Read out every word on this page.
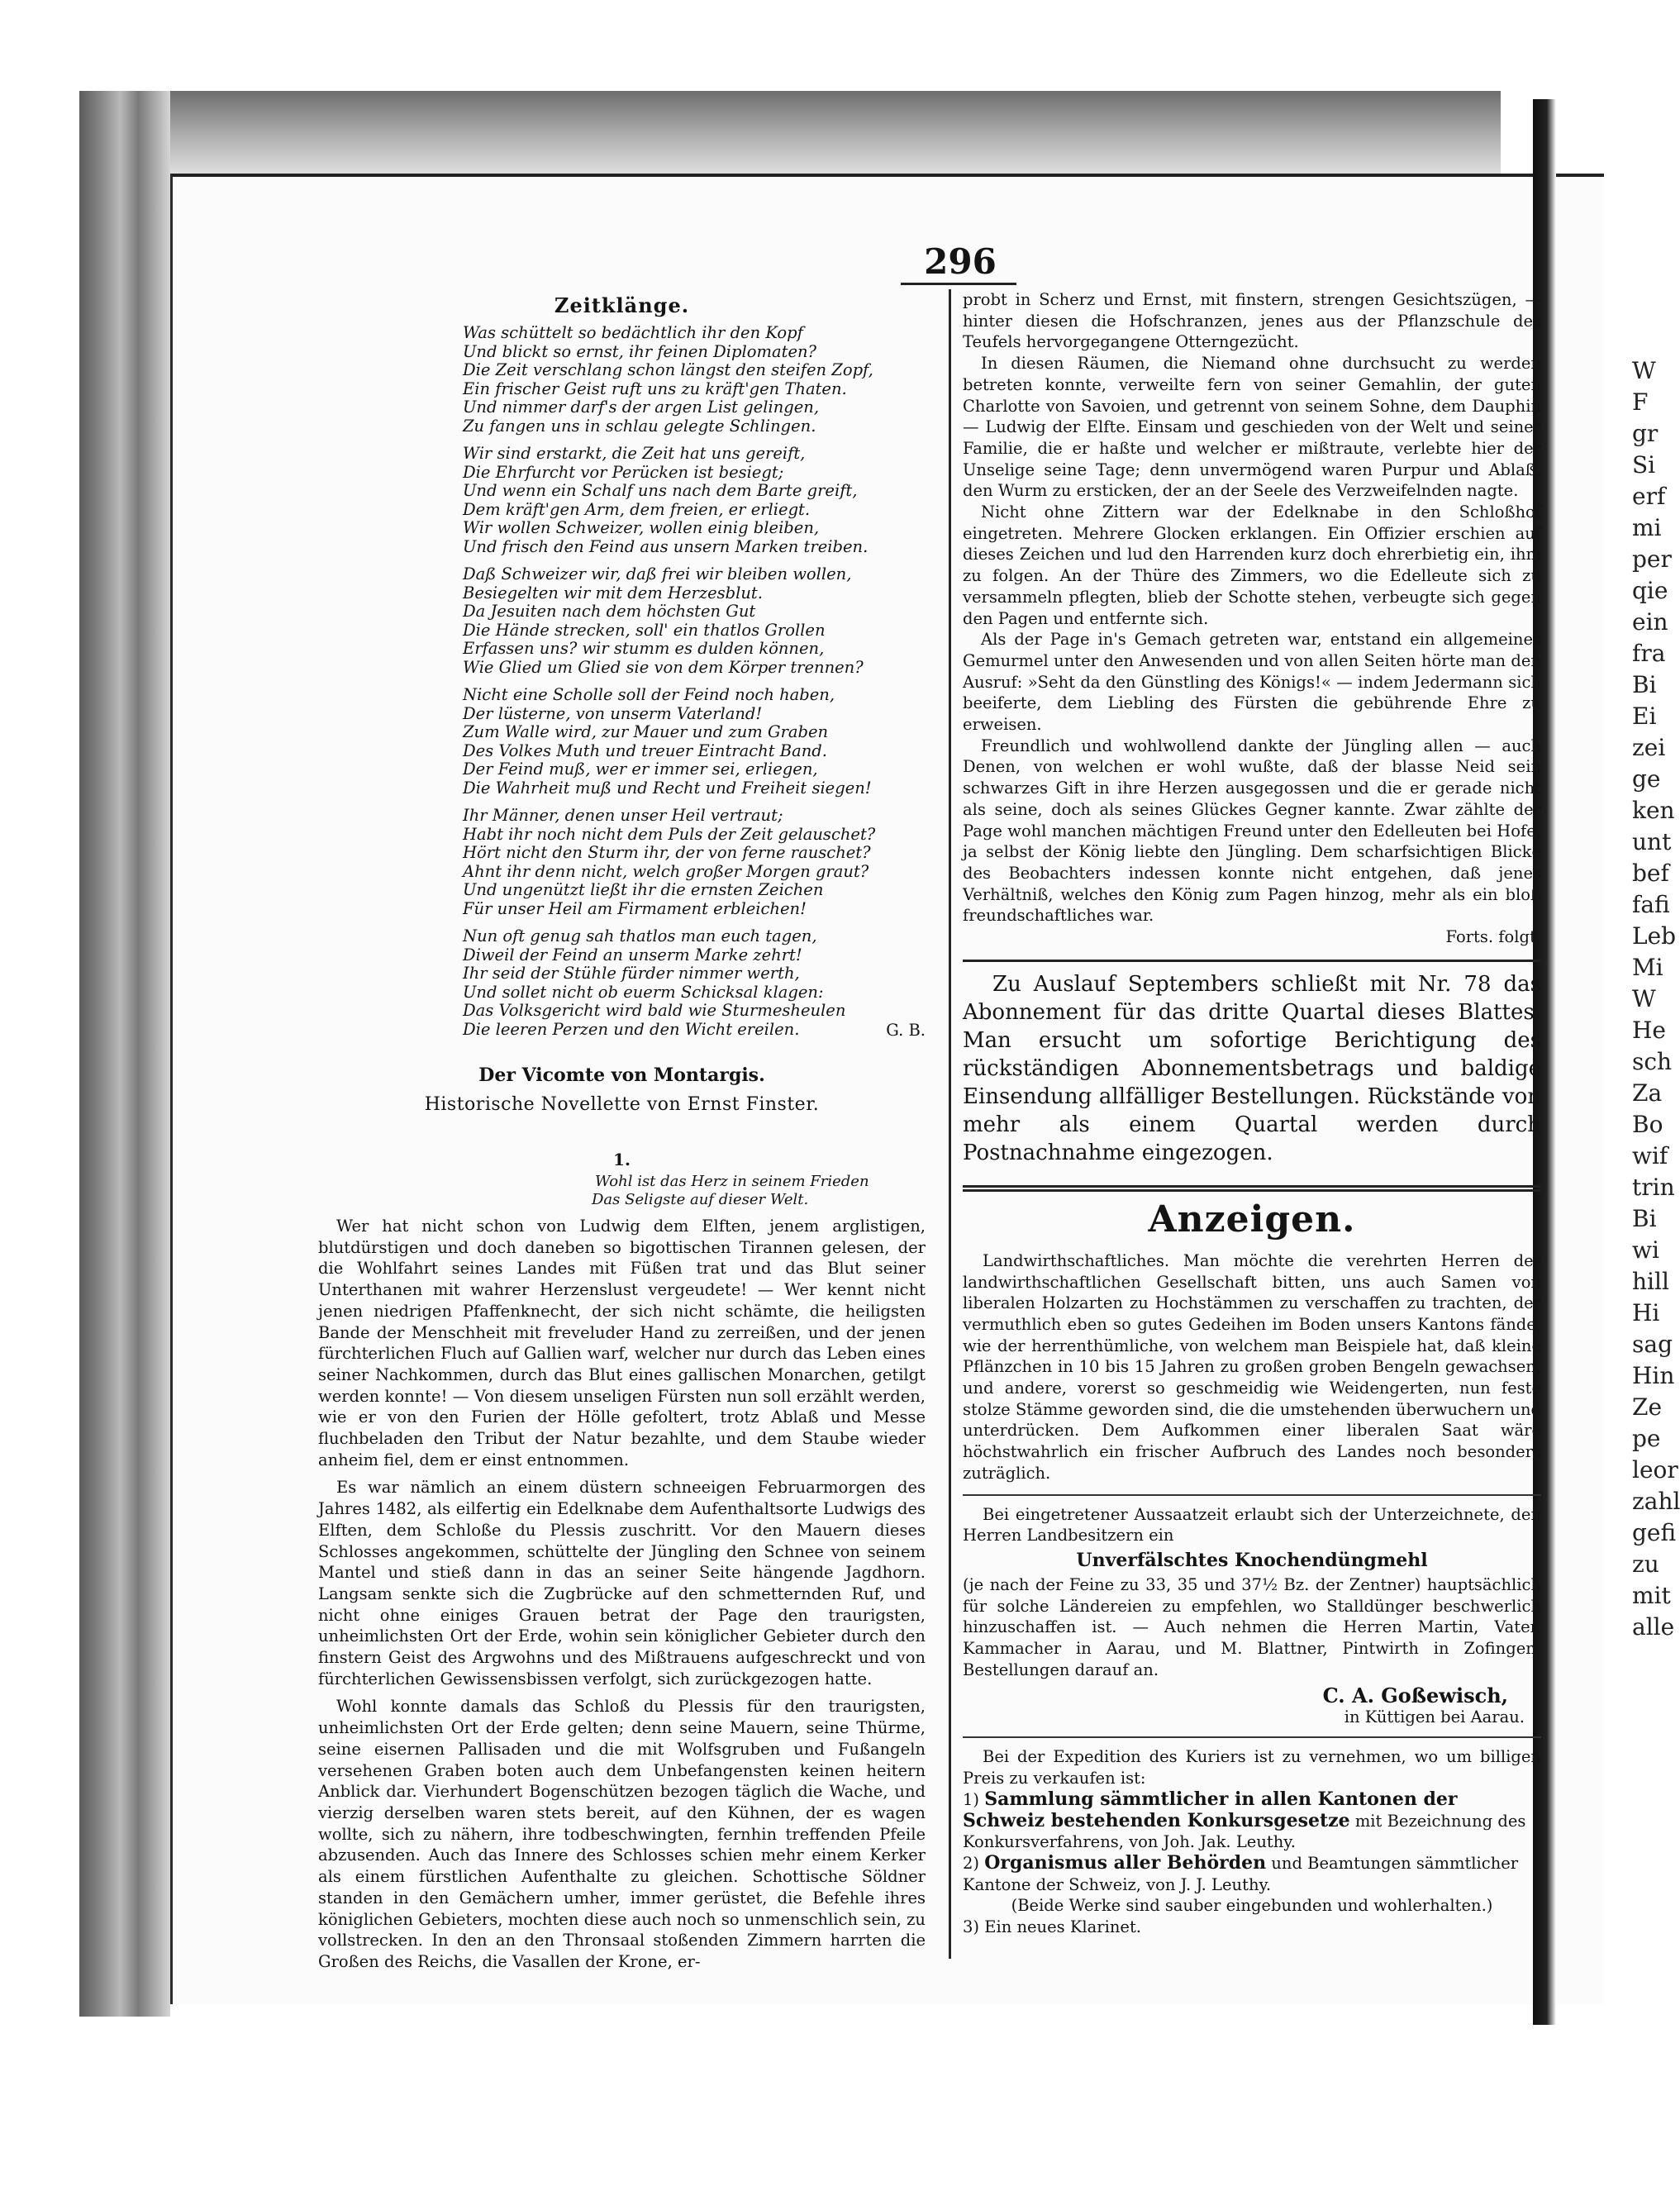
296
Zeitklänge.
Was schüttelt so bedächtlich ihr den Kopf
Und blickt so ernst, ihr feinen Diplomaten?
Die Zeit verschlang schon längst den steifen Zopf,
Ein frischer Geist ruft uns zu kräft'gen Thaten.
Und nimmer darf's der argen List gelingen,
Zu fangen uns in schlau gelegte Schlingen.
Wir sind erstarkt, die Zeit hat uns gereift,
Die Ehrfurcht vor Perücken ist besiegt;
Und wenn ein Schalf uns nach dem Barte greift,
Dem kräft'gen Arm, dem freien, er erliegt.
Wir wollen Schweizer, wollen einig bleiben,
Und frisch den Feind aus unsern Marken treiben.
Daß Schweizer wir, daß frei wir bleiben wollen,
Besiegelten wir mit dem Herzesblut.
Da Jesuiten nach dem höchsten Gut
Die Hände strecken, soll' ein thatlos Grollen
Erfassen uns? wir stumm es dulden können,
Wie Glied um Glied sie von dem Körper trennen?
Nicht eine Scholle soll der Feind noch haben,
Der lüsterne, von unserm Vaterland!
Zum Walle wird, zur Mauer und zum Graben
Des Volkes Muth und treuer Eintracht Band.
Der Feind muß, wer er immer sei, erliegen,
Die Wahrheit muß und Recht und Freiheit siegen!
Ihr Männer, denen unser Heil vertraut;
Habt ihr noch nicht dem Puls der Zeit gelauschet?
Hört nicht den Sturm ihr, der von ferne rauschet?
Ahnt ihr denn nicht, welch großer Morgen graut?
Und ungenützt ließt ihr die ernsten Zeichen
Für unser Heil am Firmament erbleichen!
Nun oft genug sah thatlos man euch tagen,
Diweil der Feind an unserm Marke zehrt!
Ihr seid der Stühle fürder nimmer werth,
Und sollet nicht ob euerm Schicksal klagen:
Das Volksgericht wird bald wie Sturmesheulen
Die leeren Perzen und den Wicht ereilen.	G. B.
Der Vicomte von Montargis.
Historische Novellette von Ernst Finster.
1.
Wohl ist das Herz in seinem Frieden
Das Seligste auf dieser Welt.

Wer hat nicht schon von Ludwig dem Elften, jenem arglistigen, blutdürstigen und doch daneben so bigottischen Tirannen gelesen, der die Wohlfahrt seines Landes mit Füßen trat und das Blut seiner Unterthanen mit wahrer Herzenslust vergeudete! — Wer kennt nicht jenen niedrigen Pfaffenknecht, der sich nicht schämte, die heiligsten Bande der Menschheit mit freveluder Hand zu zerreißen, und der jenen fürchterlichen Fluch auf Gallien warf, welcher nur durch das Leben eines seiner Nachkommen, durch das Blut eines gallischen Monarchen, getilgt werden konnte! — Von diesem unseligen Fürsten nun soll erzählt werden, wie er von den Furien der Hölle gefoltert, trotz Ablaß und Messe fluchbeladen den Tribut der Natur bezahlte, und dem Staube wieder anheim fiel, dem er einst entnommen.

Es war nämlich an einem düstern schneeigen Februarmorgen des Jahres 1482, als eilfertig ein Edelknabe dem Aufenthaltsorte Ludwigs des Elften, dem Schloße du Plessis zuschritt. Vor den Mauern dieses Schlosses angekommen, schüttelte der Jüngling den Schnee von seinem Mantel und stieß dann in das an seiner Seite hängende Jagdhorn. Langsam senkte sich die Zugbrücke auf den schmetternden Ruf, und nicht ohne einiges Grauen betrat der Page den traurigsten, unheimlichsten Ort der Erde, wohin sein königlicher Gebieter durch den finstern Geist des Argwohns und des Mißtrauens aufgeschreckt und von fürchterlichen Gewissensbissen verfolgt, sich zurückgezogen hatte.

Wohl konnte damals das Schloß du Plessis für den traurigsten, unheimlichsten Ort der Erde gelten; denn seine Mauern, seine Thürme, seine eisernen Pallisaden und die mit Wolfsgruben und Fußangeln versehenen Graben boten auch dem Unbefangensten keinen heitern Anblick dar. Vierhundert Bogenschützen bezogen täglich die Wache, und vierzig derselben waren stets bereit, auf den Kühnen, der es wagen wollte, sich zu nähern, ihre todbeschwingten, fernhin treffenden Pfeile abzusenden. Auch das Innere des Schlosses schien mehr einem Kerker als einem fürstlichen Aufenthalte zu gleichen. Schottische Söldner standen in den Gemächern umher, immer gerüstet, die Befehle ihres königlichen Gebieters, mochten diese auch noch so unmenschlich sein, zu vollstrecken. In den an den Thronsaal stoßenden Zimmern harrten die Großen des Reichs, die Vasallen der Krone, er-

probt in Scherz und Ernst, mit finstern, strengen Gesichtszügen, — hinter diesen die Hofschranzen, jenes aus der Pflanzschule des Teufels hervorgegangene Otterngezücht.

In diesen Räumen, die Niemand ohne durchsucht zu werden betreten konnte, verweilte fern von seiner Gemahlin, der guten Charlotte von Savoien, und getrennt von seinem Sohne, dem Dauphin — Ludwig der Elfte. Einsam und geschieden von der Welt und seiner Familie, die er haßte und welcher er mißtraute, verlebte hier der Unselige seine Tage; denn unvermögend waren Purpur und Ablaß, den Wurm zu ersticken, der an der Seele des Verzweifelnden nagte.

Nicht ohne Zittern war der Edelknabe in den Schloßhof eingetreten. Mehrere Glocken erklangen. Ein Offizier erschien auf dieses Zeichen und lud den Harrenden kurz doch ehrerbietig ein, ihm zu folgen. An der Thüre des Zimmers, wo die Edelleute sich zu versammeln pflegten, blieb der Schotte stehen, verbeugte sich gegen den Pagen und entfernte sich.

Als der Page in's Gemach getreten war, entstand ein allgemeines Gemurmel unter den Anwesenden und von allen Seiten hörte man den Ausruf: »Seht da den Günstling des Königs!« — indem Jedermann sich beeiferte, dem Liebling des Fürsten die gebührende Ehre zu erweisen.

Freundlich und wohlwollend dankte der Jüngling allen — auch Denen, von welchen er wohl wußte, daß der blasse Neid sein schwarzes Gift in ihre Herzen ausgegossen und die er gerade nicht als seine, doch als seines Glückes Gegner kannte. Zwar zählte der Page wohl manchen mächtigen Freund unter den Edelleuten bei Hofe, ja selbst der König liebte den Jüngling. Dem scharfsichtigen Blicke des Beobachters indessen konnte nicht entgehen, daß jenes Verhältniß, welches den König zum Pagen hinzog, mehr als ein bloß freundschaftliches war.

Forts. folgt.

Zu Auslauf Septembers schließt mit Nr. 78 das Abonnement für das dritte Quartal dieses Blattes. Man ersucht um sofortige Berichtigung des rückständigen Abonnementsbetrags und baldige Einsendung allfälliger Bestellungen. Rückstände von mehr als einem Quartal werden durch Postnachnahme eingezogen.

Anzeigen.

Landwirthschaftliches. Man möchte die verehrten Herren der landwirthschaftlichen Gesellschaft bitten, uns auch Samen von liberalen Holzarten zu Hochstämmen zu verschaffen zu trachten, der vermuthlich eben so gutes Gedeihen im Boden unsers Kantons fände, wie der herrenthümliche, von welchem man Beispiele hat, daß kleine Pflänzchen in 10 bis 15 Jahren zu großen groben Bengeln gewachsen, und andere, vorerst so geschmeidig wie Weidengerten, nun feste stolze Stämme geworden sind, die die umstehenden überwuchern und unterdrücken. Dem Aufkommen einer liberalen Saat wäre höchstwahrlich ein frischer Aufbruch des Landes noch besonders zuträglich.

Bei eingetretener Aussaatzeit erlaubt sich der Unterzeichnete, den Herren Landbesitzern ein

Unverfälschtes Knochendüngmehl

(je nach der Feine zu 33, 35 und 37½ Bz. der Zentner) hauptsächlich für solche Ländereien zu empfehlen, wo Stalldünger beschwerlich hinzuschaffen ist. — Auch nehmen die Herren Martin, Vater, Kammacher in Aarau, und M. Blattner, Pintwirth in Zofingen, Bestellungen darauf an.

C. A. Goßewisch,
in Küttigen bei Aarau.

Bei der Expedition des Kuriers ist zu vernehmen, wo um billigen Preis zu verkaufen ist:

1) Sammlung sämmtlicher in allen Kantonen der Schweiz bestehenden Konkursgesetze mit Bezeichnung des Konkursverfahrens, von Joh. Jak. Leuthy.
2) Organismus aller Behörden und Beamtungen sämmtlicher Kantone der Schweiz, von J. J. Leuthy.
(Beide Werke sind sauber eingebunden und wohlerhalten.)
3) Ein neues Klarinet.
W
F
gr
Si
erf
mi
per
qie
ein
fra
Bi
Ei
zei
ge
ken
unt
bef
fafi
Leb
Mi
W
He
sch
Za
Bo
wif
trin
Bi
wi
hill
Hi
sag
Hin
Ze
pe
leor
zahl
gefi
zu
mit
alle
